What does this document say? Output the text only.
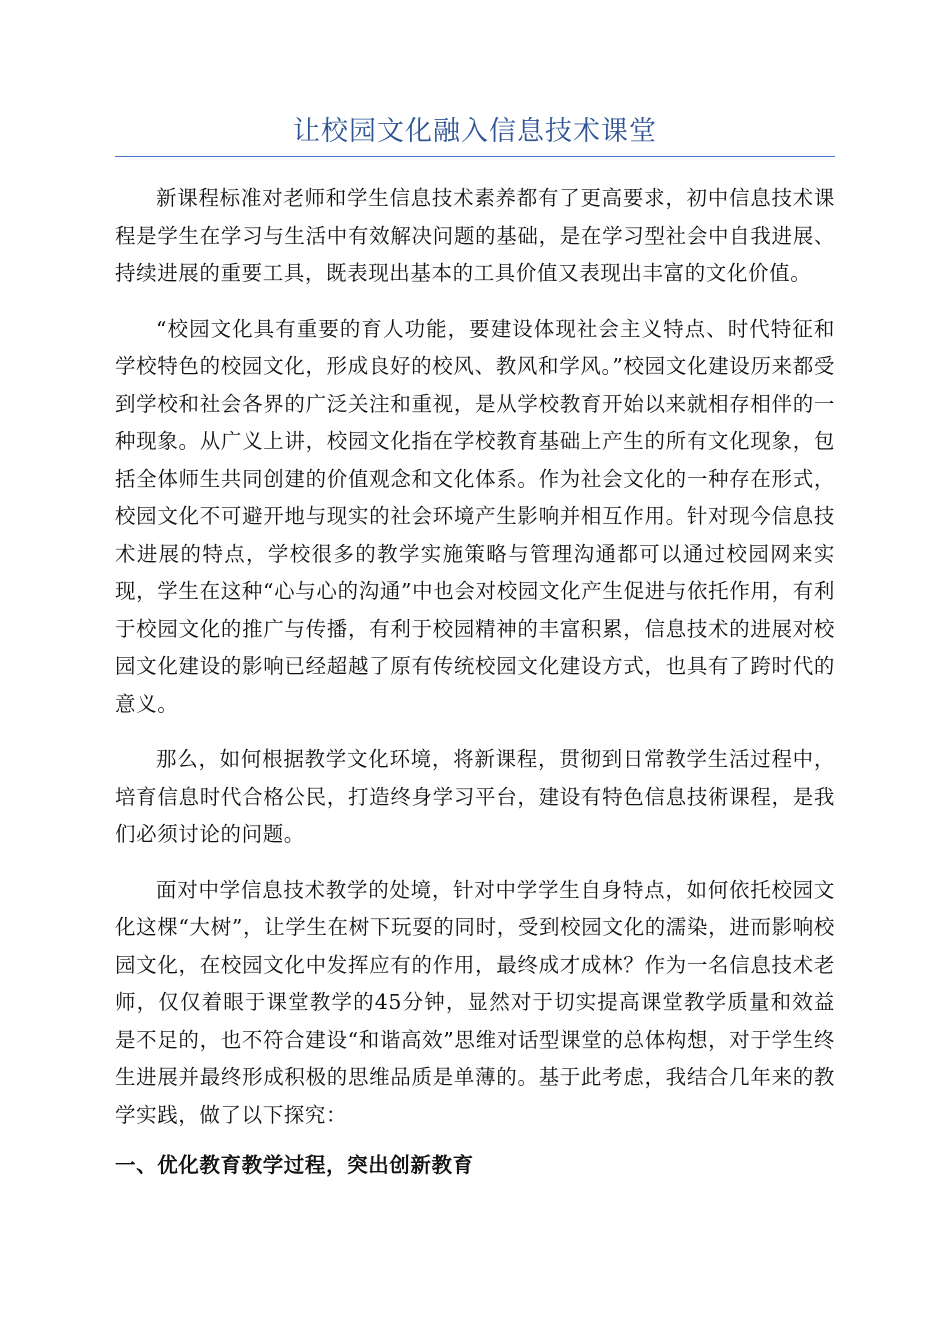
让校园文化融入信息技术课堂

新课程标准对老师和学生信息技术素养都有了更高要求，初中信息技术课程是学生在学习与生活中有效解决问题的基础，是在学习型社会中自我进展、持续进展的重要工具，既表现出基本的工具价值又表现出丰富的文化价值。

“校园文化具有重要的育人功能，要建设体现社会主义特点、时代特征和学校特色的校园文化，形成良好的校风、教风和学风。”校园文化建设历来都受到学校和社会各界的广泛关注和重视，是从学校教育开始以来就相存相伴的一种现象。从广义上讲，校园文化指在学校教育基础上产生的所有文化现象，包括全体师生共同创建的价值观念和文化体系。作为社会文化的一种存在形式，校园文化不可避开地与现实的社会环境产生影响并相互作用。针对现今信息技术进展的特点，学校很多的教学实施策略与管理沟通都可以通过校园网来实现，学生在这种“心与心的沟通”中也会对校园文化产生促进与依托作用，有利于校园文化的推广与传播，有利于校园精神的丰富积累，信息技术的进展对校园文化建设的影响已经超越了原有传统校园文化建设方式，也具有了跨时代的意义。

那么，如何根据教学文化环境，将新课程，贯彻到日常教学生活过程中，培育信息时代合格公民，打造终身学习平台，建设有特色信息技術课程，是我们必须讨论的问题。

面对中学信息技术教学的处境，针对中学学生自身特点，如何依托校园文化这棵“大树”，让学生在树下玩耍的同时，受到校园文化的濡染，进而影响校园文化，在校园文化中发挥应有的作用，最终成才成林？作为一名信息技术老师，仅仅着眼于课堂教学的45分钟，显然对于切实提高课堂教学质量和效益是不足的，也不符合建设“和谐高效”思维对话型课堂的总体构想，对于学生终生进展并最终形成积极的思维品质是单薄的。基于此考虑，我结合几年来的教学实践，做了以下探究：

一、优化教育教学过程，突出创新教育
